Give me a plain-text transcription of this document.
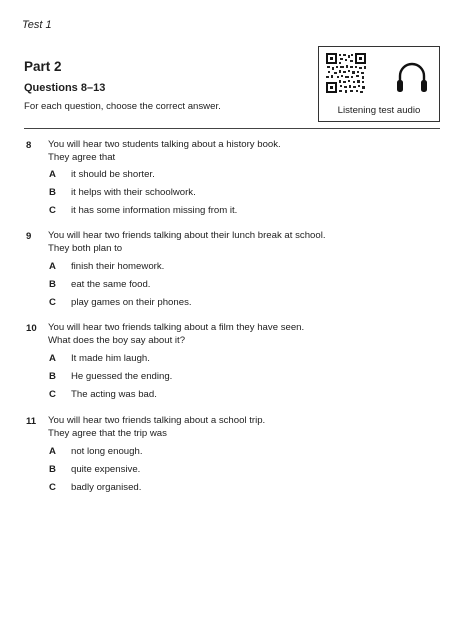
Test 1
Part 2
Questions 8–13
For each question, choose the correct answer.	Listening test audio
8 You will hear two students talking about a history book.
They agree that
A it should be shorter.
B it helps with their schoolwork.
C it has some information missing from it.
9 You will hear two friends talking about their lunch break at school.
They both plan to
A finish their homework.
B eat the same food.
C play games on their phones.
10 You will hear two friends talking about a film they have seen.
What does the boy say about it?
A It made him laugh.
B He guessed the ending.
C The acting was bad.
11 You will hear two friends talking about a school trip.
They agree that the trip was
A not long enough.
B quite expensive.
C badly organised.
